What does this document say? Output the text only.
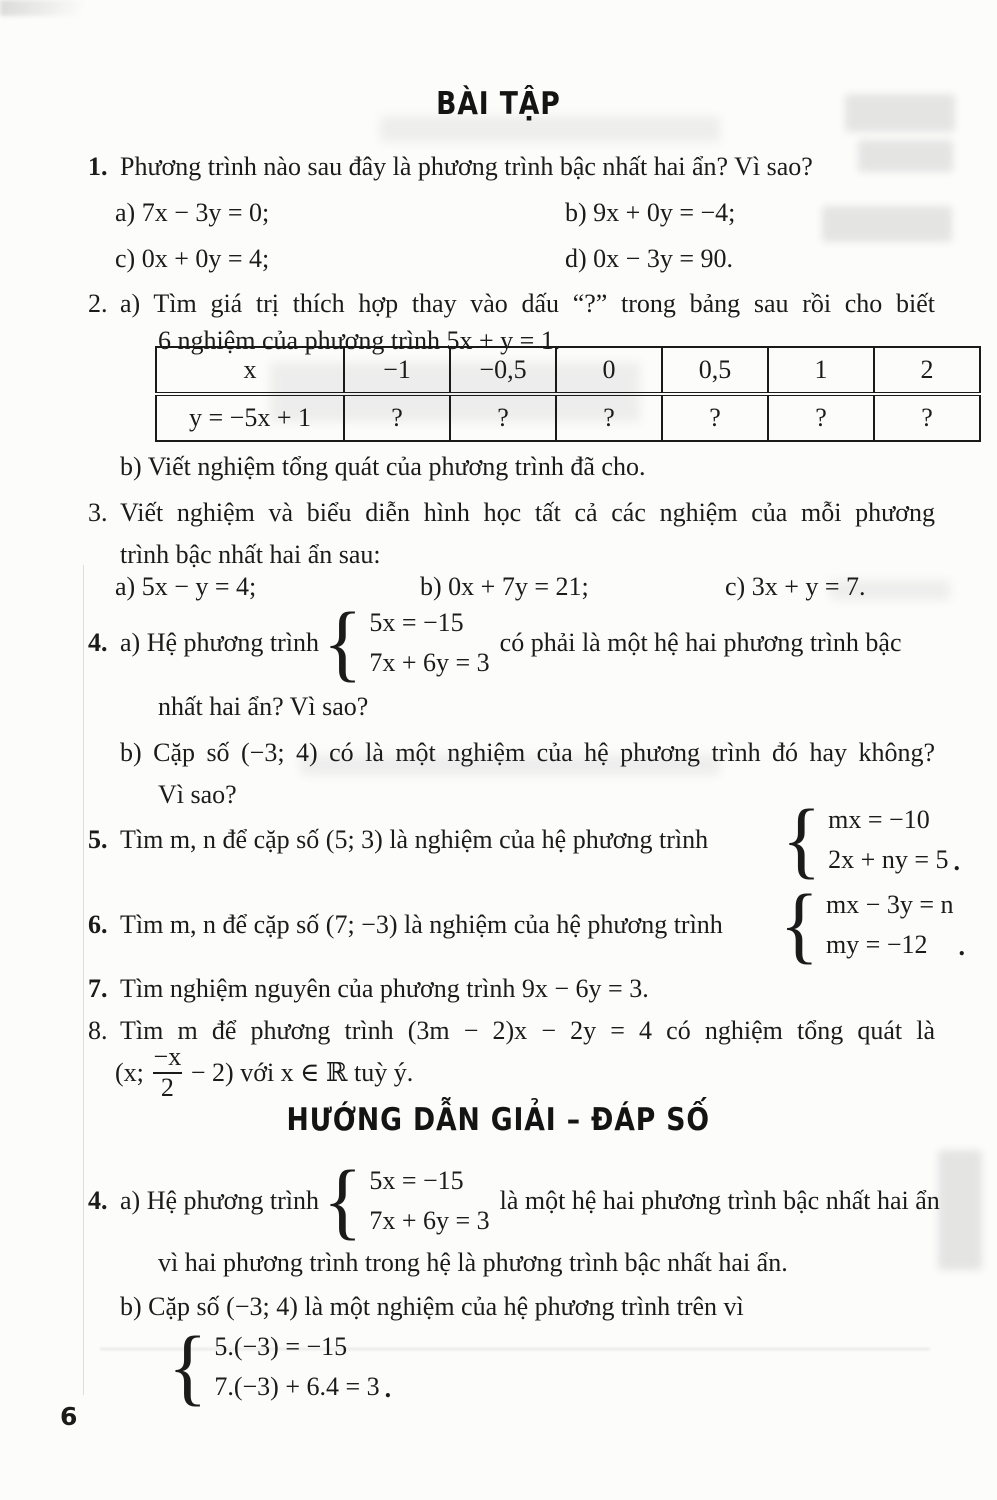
BÀI TẬP
1. Phương trình nào sau đây là phương trình bậc nhất hai ẩn? Vì sao?
a) 7x − 3y = 0;	b) 9x + 0y = −4;
c) 0x + 0y = 4;	d) 0x − 3y = 90.
2. a) Tìm giá trị thích hợp thay vào dấu “?” trong bảng sau rồi cho biết
6 nghiệm của phương trình 5x + y = 1.
x	−1	−0,5	0	0,5	1	2
y = −5x + 1	?	?	?	?	?	?
b) Viết nghiệm tổng quát của phương trình đã cho.
3. Viết nghiệm và biểu diễn hình học tất cả các nghiệm của mỗi phương
trình bậc nhất hai ẩn sau:
a) 5x − y = 4;	b) 0x + 7y = 21;	c) 3x + y = 7.
4. a) Hệ phương trình { 5x = −15
7x + 6y = 3
có phải là một hệ hai phương trình bậc
nhất hai ẩn? Vì sao?
b) Cặp số (−3; 4) có là một nghiệm của hệ phương trình đó hay không?
Vì sao?
5. Tìm m, n để cặp số (5; 3) là nghiệm của hệ phương trình { mx = −10
2x + ny = 5 .
6. Tìm m, n để cặp số (7; −3) là nghiệm của hệ phương trình { mx − 3y = n
my = −12	.
7. Tìm nghiệm nguyên của phương trình 9x − 6y = 3.
8. Tìm m để phương trình (3m − 2)x − 2y = 4 có nghiệm tổng quát là
(x; $\frac{-x}{2} - 2$) với x ∈ ℝ tuỳ ý.
HƯỚNG DẪN GIẢI – ĐÁP SỐ
4. a) Hệ phương trình { 5x = −15
7x + 6y = 3
là một hệ hai phương trình bậc nhất hai ẩn
vì hai phương trình trong hệ là phương trình bậc nhất hai ẩn.
b) Cặp số (−3; 4) là một nghiệm của hệ phương trình trên vì
{ 5.(−3) = −15
7.(−3) + 6.4 = 3 .
6
